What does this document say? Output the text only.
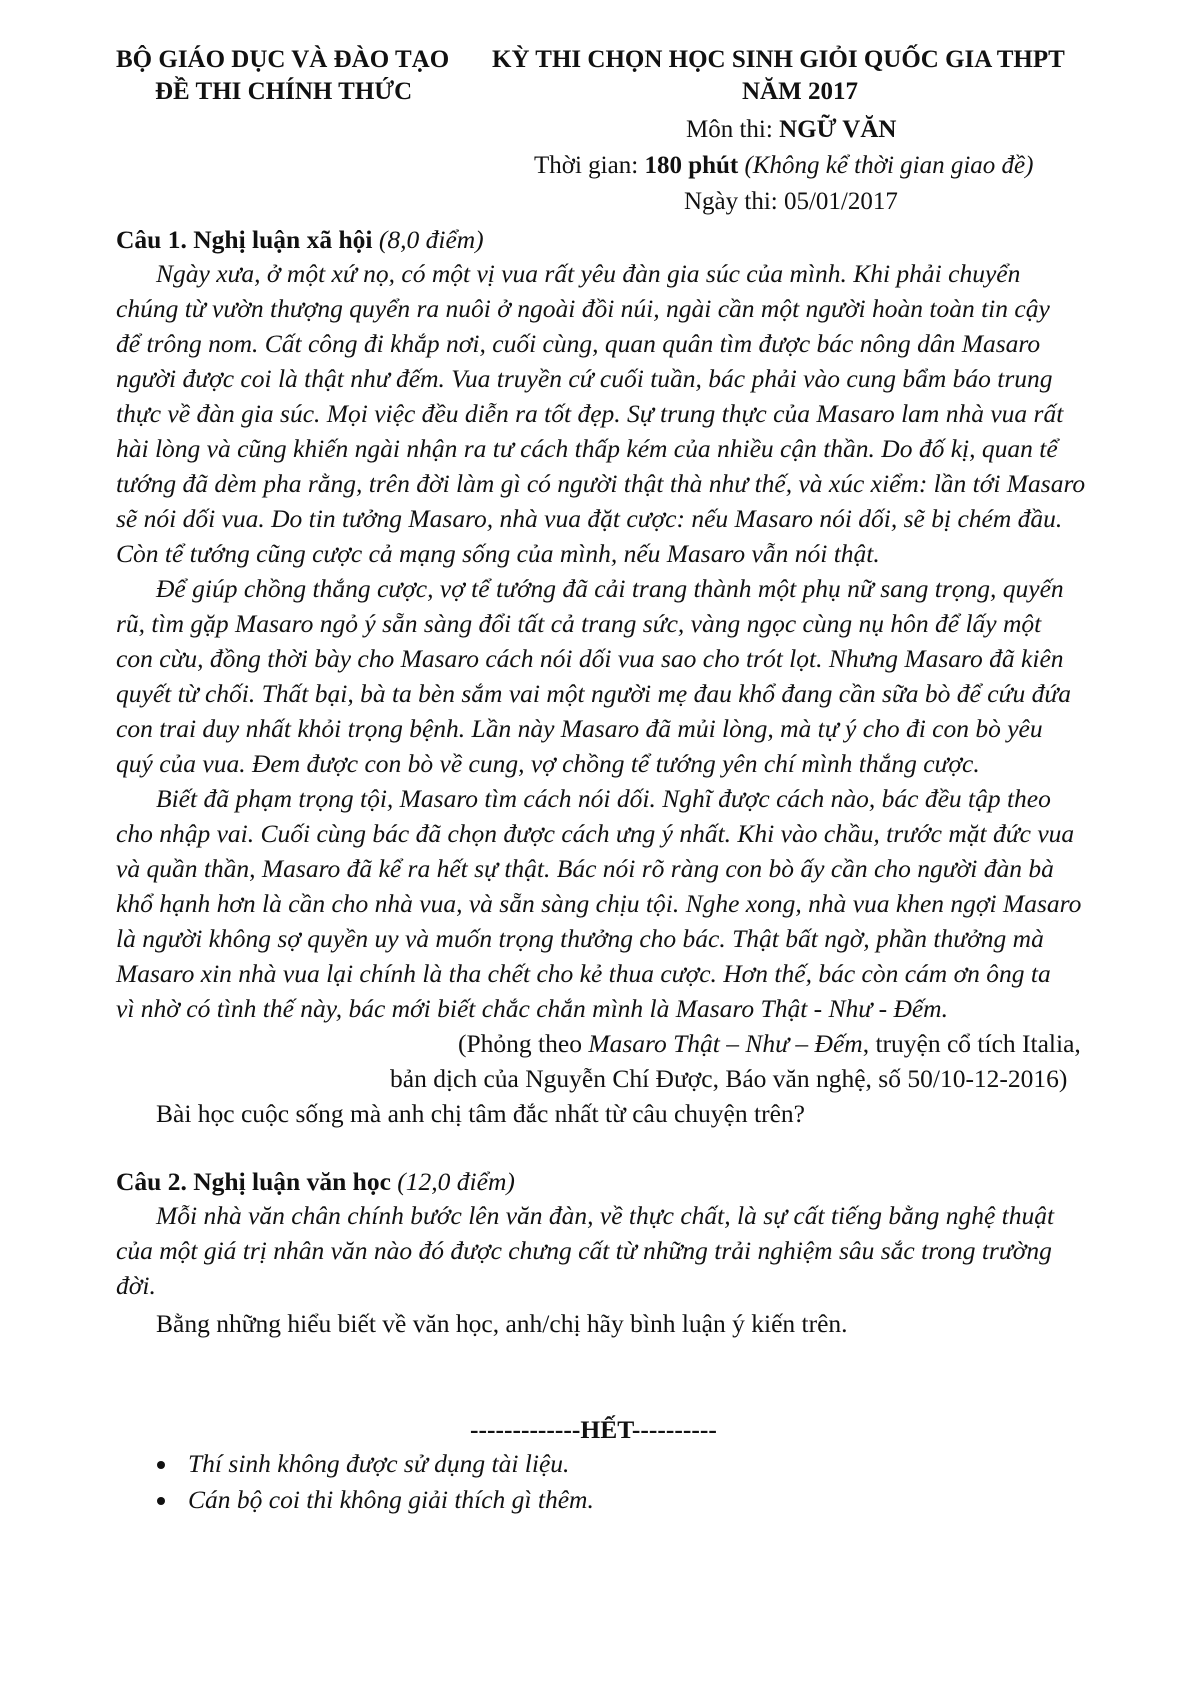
BỘ GIÁO DỤC VÀ ĐÀO TẠO
ĐỀ THI CHÍNH THỨC
KỲ THI CHỌN HỌC SINH GIỎI QUỐC GIA THPT
NĂM 2017
Môn thi: NGỮ VĂN
Thời gian: 180 phút (Không kể thời gian giao đề)
Ngày thi: 05/01/2017
Câu 1. Nghị luận xã hội (8,0 điểm)
Ngày xưa, ở một xứ nọ, có một vị vua rất yêu đàn gia súc của mình. Khi phải chuyển
chúng từ vườn thượng quyển ra nuôi ở ngoài đồi núi, ngài cần một người hoàn toàn tin cậy
để trông nom. Cất công đi khắp nơi, cuối cùng, quan quân tìm được bác nông dân Masaro
người được coi là thật như đếm. Vua truyền cứ cuối tuần, bác phải vào cung bẩm báo trung
thực về đàn gia súc. Mọi việc đều diễn ra tốt đẹp. Sự trung thực của Masaro lam nhà vua rất
hài lòng và cũng khiến ngài nhận ra tư cách thấp kém của nhiều cận thần. Do đố kị, quan tể
tướng đã dèm pha rằng, trên đời làm gì có người thật thà như thế, và xúc xiểm: lần tới Masaro
sẽ nói dối vua. Do tin tưởng Masaro, nhà vua đặt cược: nếu Masaro nói dối, sẽ bị chém đầu.
Còn tể tướng cũng cược cả mạng sống của mình, nếu Masaro vẫn nói thật.
Để giúp chồng thắng cược, vợ tể tướng đã cải trang thành một phụ nữ sang trọng, quyến
rũ, tìm gặp Masaro ngỏ ý sẵn sàng đổi tất cả trang sức, vàng ngọc cùng nụ hôn để lấy một
con cừu, đồng thời bày cho Masaro cách nói dối vua sao cho trót lọt. Nhưng Masaro đã kiên
quyết từ chối. Thất bại, bà ta bèn sắm vai một người mẹ đau khổ đang cần sữa bò để cứu đứa
con trai duy nhất khỏi trọng bệnh. Lần này Masaro đã mủi lòng, mà tự ý cho đi con bò yêu
quý của vua. Đem được con bò về cung, vợ chồng tể tướng yên chí mình thắng cược.
Biết đã phạm trọng tội, Masaro tìm cách nói dối. Nghĩ được cách nào, bác đều tập theo
cho nhập vai. Cuối cùng bác đã chọn được cách ưng ý nhất. Khi vào chầu, trước mặt đức vua
và quần thần, Masaro đã kể ra hết sự thật. Bác nói rõ ràng con bò ấy cần cho người đàn bà
khổ hạnh hơn là cần cho nhà vua, và sẵn sàng chịu tội. Nghe xong, nhà vua khen ngợi Masaro
là người không sợ quyền uy và muốn trọng thưởng cho bác. Thật bất ngờ, phần thưởng mà
Masaro xin nhà vua lại chính là tha chết cho kẻ thua cược. Hơn thế, bác còn cám ơn ông ta
vì nhờ có tình thế này, bác mới biết chắc chắn mình là Masaro Thật - Như - Đếm.
(Phỏng theo Masaro Thật – Như – Đếm, truyện cổ tích Italia,
bản dịch của Nguyễn Chí Được, Báo văn nghệ, số 50/10-12-2016)
Bài học cuộc sống mà anh chị tâm đắc nhất từ câu chuyện trên?
Câu 2. Nghị luận văn học (12,0 điểm)
Mỗi nhà văn chân chính bước lên văn đàn, về thực chất, là sự cất tiếng bằng nghệ thuật
của một giá trị nhân văn nào đó được chưng cất từ những trải nghiệm sâu sắc trong trường
đời.
Bằng những hiểu biết về văn học, anh/chị hãy bình luận ý kiến trên.
-------------HẾT----------
Thí sinh không được sử dụng tài liệu.
Cán bộ coi thi không giải thích gì thêm.
